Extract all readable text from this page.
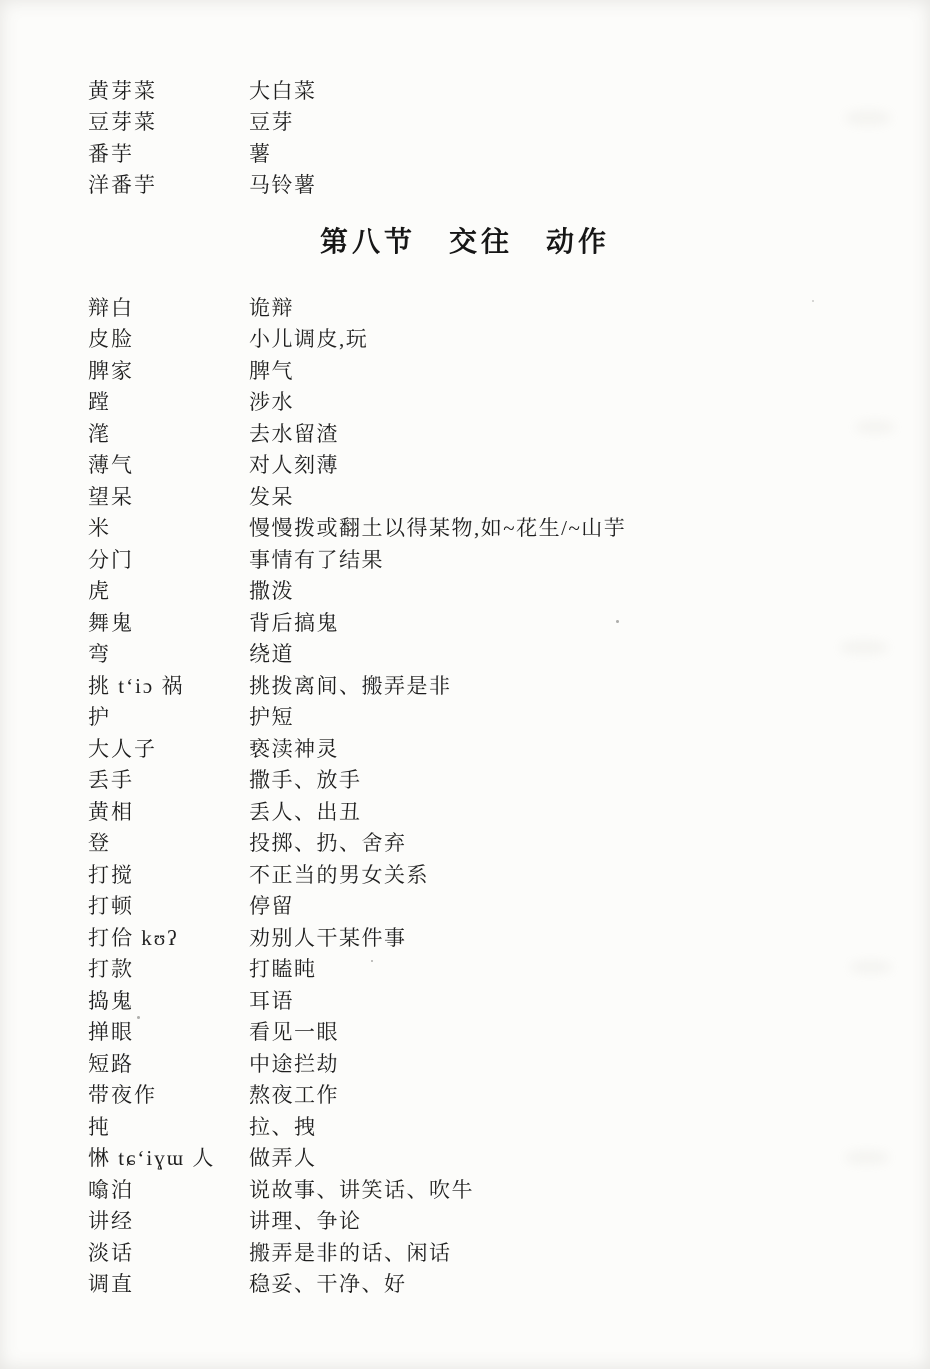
黄芽菜	大白菜
豆芽菜	豆芽
番芋	薯
洋番芋	马铃薯
第八节 交往 动作
辩白	诡辩
皮脸	小儿调皮,玩
脾家	脾气
蹚	涉水
滗	去水留渣
薄气	对人刻薄
望呆	发呆
米	慢慢拨或翻土以得某物,如~花生/~山芋
分门	事情有了结果
虎	撒泼
舞鬼	背后搞鬼
弯	绕道
挑 t‘iɔ 祸	挑拨离间、搬弄是非
护	护短
大人子	亵渎神灵
丢手	撒手、放手
黄相	丢人、出丑
登	投掷、扔、舍弃
打搅	不正当的男女关系
打顿	停留
打佮 kʊʔ	劝别人干某件事
打款	打瞌盹
捣鬼	耳语
掸眼	看见一眼
短路	中途拦劫
带夜作	熬夜工作
扽	拉、拽
惏 tɕ‘iɣɯ 人	做弄人
噏泊	说故事、讲笑话、吹牛
讲经	讲理、争论
淡话	搬弄是非的话、闲话
调直	稳妥、干净、好
